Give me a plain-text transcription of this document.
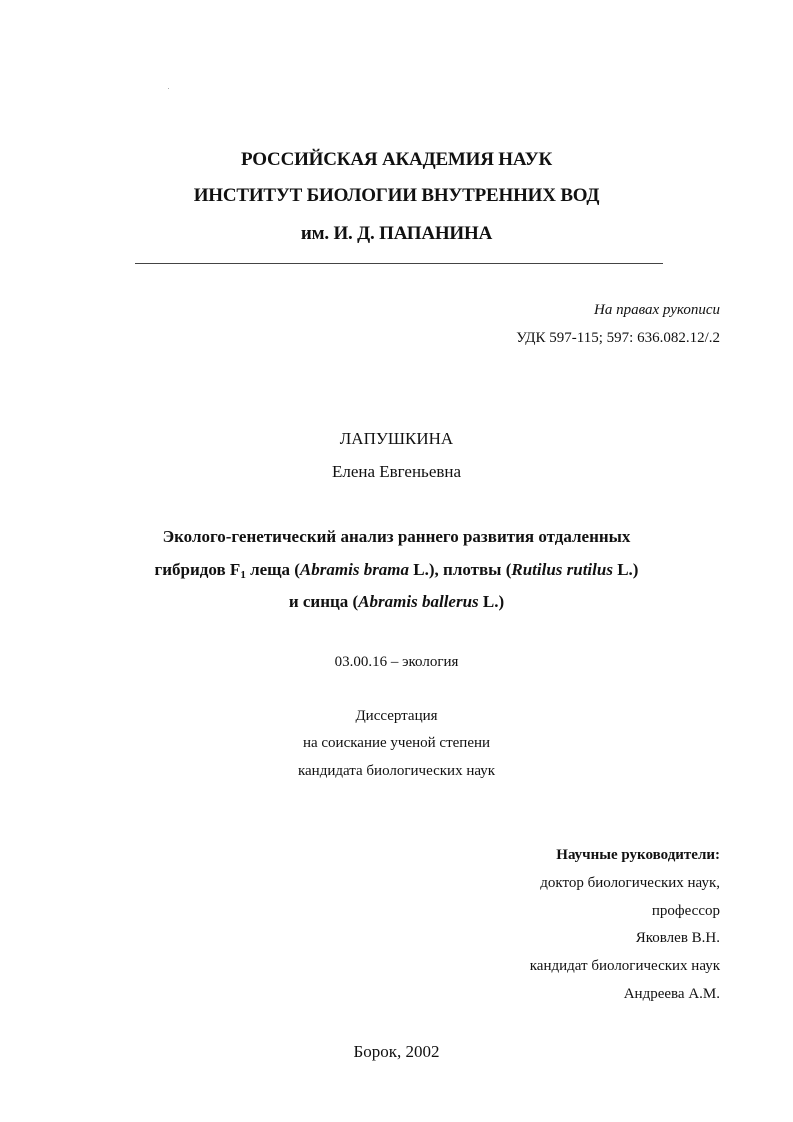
РОССИЙСКАЯ АКАДЕМИЯ НАУК
ИНСТИТУТ БИОЛОГИИ ВНУТРЕННИХ ВОД
им. И. Д. ПАПАНИНА
На правах рукописи
УДК 597-115; 597: 636.082.12/.2
ЛАПУШКИНА
Елена Евгеньевна
Эколого-генетический анализ раннего развития отдаленных
гибридов $F_1$ леща (Abramis brama L.), плотвы (Rutilus rutilus L.)
и синца (Abramis ballerus L.)
03.00.16 – экология
Диссертация
на соискание ученой степени
кандидата биологических наук
Научные руководители:
доктор биологических наук,
профессор
Яковлев В.Н.
кандидат биологических наук
Андреева А.М.
Борок, 2002
